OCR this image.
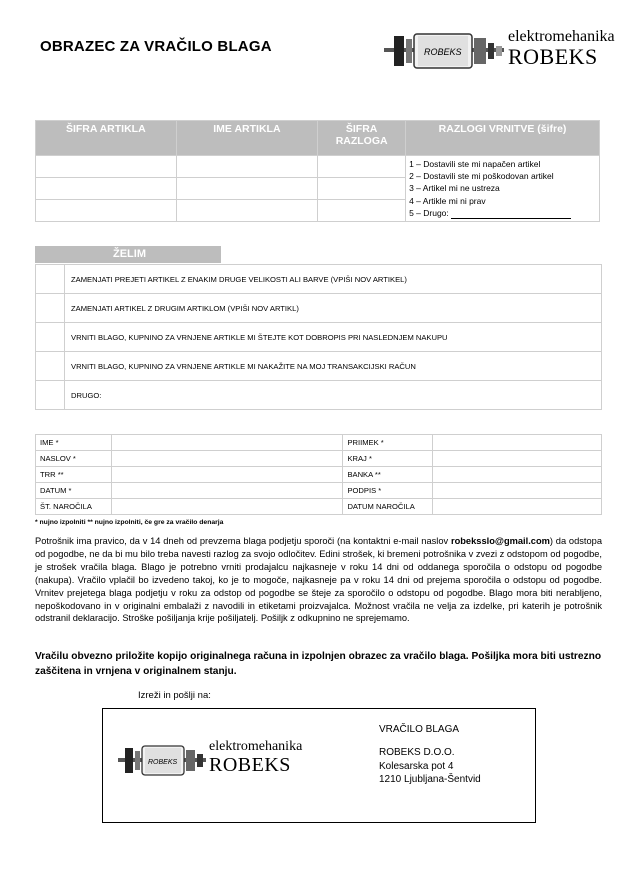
OBRAZEC ZA VRAČILO BLAGA	ROBEKS
elektromehanika
ROBEKS
ŠIFRA ARTIKLA	IME ARTIKLA	ŠIFRA RAZLOGA	RAZLOGI VRNITVE (šifre)

			1 – Dostavili ste mi napačen artikel
2 – Dostavili ste mi poškodovan artikel
3 – Artikel mi ne ustreza
4 – Artikle mi ni prav
5 – Drugo:

ŽELIM
	ZAMENJATI PREJETI ARTIKEL Z ENAKIM DRUGE VELIKOSTI ALI BARVE (VPIŠI NOV ARTIKEL)
	ZAMENJATI ARTIKEL Z DRUGIM ARTIKLOM (VPIŠI NOV ARTIKL)
	VRNITI BLAGO, KUPNINO ZA VRNJENE ARTIKLE MI ŠTEJTE KOT DOBROPIS PRI NASLEDNJEM NAKUPU
	VRNITI BLAGO, KUPNINO ZA VRNJENE ARTIKLE MI NAKAŽITE NA MOJ TRANSAKCIJSKI RAČUN
	DRUGO:
IME *		PRIIMEK *	
NASLOV *		KRAJ *	
TRR **		BANKA **	
DATUM *		PODPIS *	
ŠT. NAROČILA		DATUM NAROČILA	
* nujno izpolniti ** nujno izpolniti, če gre za vračilo denarja
Potrošnik ima pravico, da v 14 dneh od prevzema blaga podjetju sporoči (na kontaktni e-mail naslov robeksslo@gmail.com) da odstopa od pogodbe, ne da bi mu bilo treba navesti razlog za svojo odločitev. Edini strošek, ki bremeni potrošnika v zvezi z odstopom od pogodbe, je strošek vračila blaga. Blago je potrebno vrniti prodajalcu najkasneje v roku 14 dni od oddanega sporočila o odstopu od pogodbe (nakupa). Vračilo vplačil bo izvedeno takoj, ko je to mogoče, najkasneje pa v roku 14 dni od prejema sporočila o odstopu od pogodbe. Vrnitev prejetega blaga podjetju v roku za odstop od pogodbe se šteje za sporočilo o odstopu od pogodbe. Blago mora biti nerabljeno, nepoškodovano in v originalni embalaži z navodili in etiketami proizvajalca. Možnost vračila ne velja za izdelke, pri katerih je potrošnik odstranil deklaracijo. Stroške pošiljanja krije pošiljatelj. Pošiljk z odkupnino ne sprejemamo.
Vračilu obvezno priložite kopijo originalnega računa in izpolnjen obrazec za vračilo blaga. Pošiljka mora biti ustrezno zaščitena in vrnjena v originalnem stanju.
Izreži in pošlji na:
ROBEKS
elektromehanika
ROBEKS
VRAČILO BLAGA
ROBEKS D.O.O.
Kolesarska pot 4
1210 Ljubljana-Šentvid
